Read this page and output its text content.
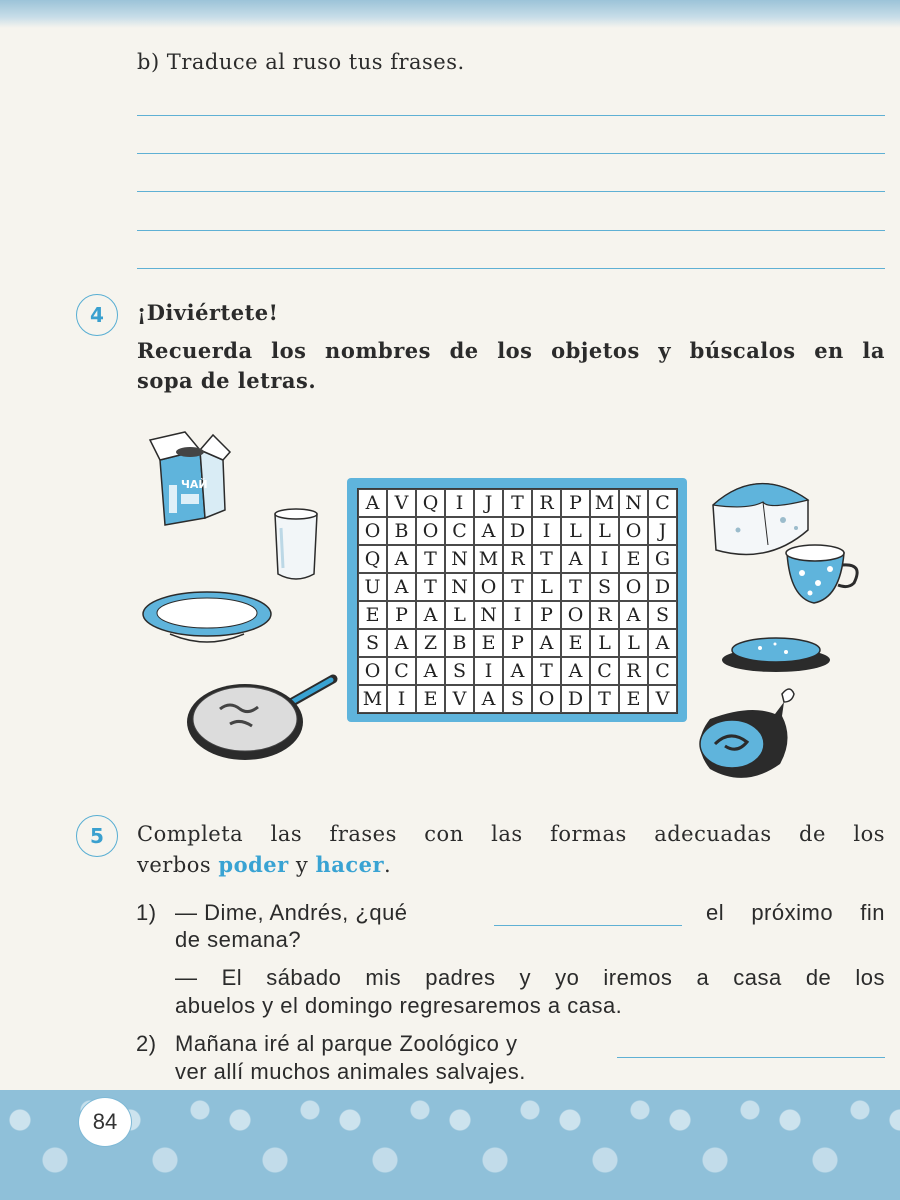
b) Traduce al ruso tus frases.
4	¡Diviértete!
Recuerda los nombres de los objetos y búscalos en la
sopa de letras.
A V Q I	J T R P M N C
O B O C A D I L L O J
Q A T N M R T A I E G
U A T N O T L T S O D
E P A L N I P O R A S
S A Z B E P A E L L A
O C A S I A T A C R C
M I E V A S O D T E V
ЧАЙ
5	Completa las frases con las formas adecuadas de los
verbos poder y hacer.
1) — Dime, Andrés, ¿qué	el próximo fin
de semana?
— El sábado mis padres y yo iremos a casa de los
abuelos y el domingo regresaremos a casa.
2) Mañana iré al parque Zoológico y
ver allí muchos animales salvajes.
84
